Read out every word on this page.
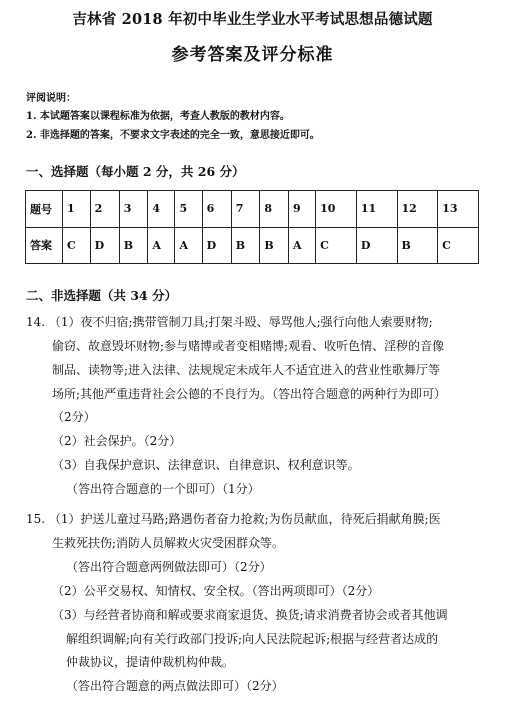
吉林省 2018 年初中毕业生学业水平考试思想品德试题
参考答案及评分标准
评阅说明：
1. 本试题答案以课程标准为依据，考查人教版的教材内容。
2. 非选择题的答案，不要求文字表述的完全一致，意思接近即可。
一、选择题（每小题 2 分，共 26 分）
题号	1	2	3	4	5	6	7	8	9	10	11	12	13
答案	C	D	B	A	A	D	B	B	A	C	D	B	C
二、非选择题（共 34 分）
14. （1）夜不归宿;携带管制刀具;打架斗殴、辱骂他人;强行向他人索要财物;
偷窃、故意毁坏财物;参与赌博或者变相赌博;观看、收听色情、淫秽的音像
制品、读物等;进入法律、法规规定未成年人不适宜进入的营业性歌舞厅等
场所;其他严重违背社会公德的不良行为。（答出符合题意的两种行为即可）
（2分）
（2）社会保护。（2分）
（3）自我保护意识、法律意识、自律意识、权利意识等。
（答出符合题意的一个即可）（1分）
15. （1）护送儿童过马路;路遇伤者奋力抢救;为伤员献血，待死后捐献角膜;医
生救死扶伤;消防人员解救火灾受困群众等。
（答出符合题意两例做法即可）（2分）
（2）公平交易权、知情权、安全权。（答出两项即可）（2分）
（3）与经营者协商和解或要求商家退货、换货;请求消费者协会或者其他调
解组织调解;向有关行政部门投诉;向人民法院起诉;根据与经营者达成的
仲裁协议，提请仲裁机构仲裁。
（答出符合题意的两点做法即可）（2分）
